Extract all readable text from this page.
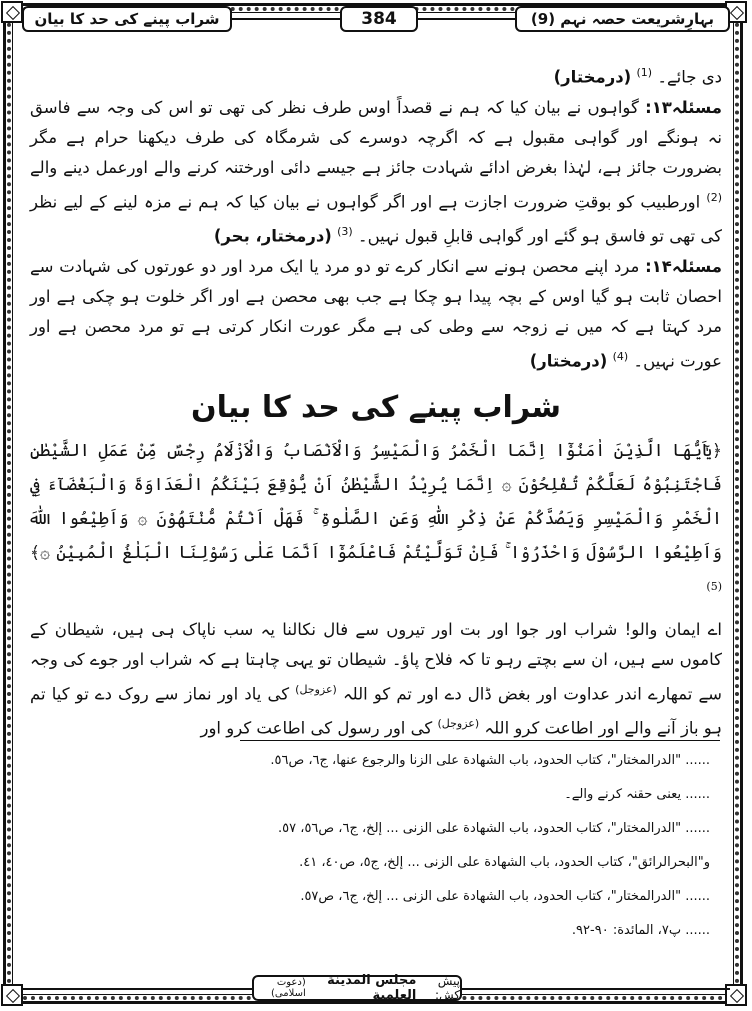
بہارِشریعت حصہ نہم (9)
384
شراب پینے کی حد کا بیان

دی جائے۔ $^{(1)}$ (درمختار)

مسئلہ۱۳: گواہوں نے بیان کیا کہ ہم نے قصداً اوس طرف نظر کی تھی تو اس کی وجہ سے فاسق نہ ہونگے اور گواہی مقبول ہے کہ اگرچہ دوسرے کی شرمگاہ کی طرف دیکھنا حرام ہے مگر بضرورت جائز ہے، لہٰذا بغرض ادائے شہادت جائز ہے جیسے دائی اورختنہ کرنے والے اورعمل دینے والے $^{(2)}$ اورطبیب کو بوقتِ ضرورت اجازت ہے اور اگر گواہوں نے بیان کیا کہ ہم نے مزہ لینے کے لیے نظر کی تھی تو فاسق ہو گئے اور گواہی قابلِ قبول نہیں۔ $^{(3)}$ (درمختار، بحر)

مسئلہ۱۴: مرد اپنے محصن ہونے سے انکار کرے تو دو مرد یا ایک مرد اور دو عورتوں کی شہادت سے احصان ثابت ہو گیا اوس کے بچہ پیدا ہو چکا ہے جب بھی محصن ہے اور اگر خلوت ہو چکی ہے اور مرد کہتا ہے کہ میں نے زوجہ سے وطی کی ہے مگر عورت انکار کرتی ہے تو مرد محصن ہے اور عورت نہیں۔ $^{(4)}$ (درمختار)

شراب پینے کی حد کا بیان

﴿يٰٓاَيُّهَا الَّذِيْنَ اٰمَنُوْٓا اِنَّمَا الْخَمْرُ وَالْمَيْسِرُ وَالْاَنْصَابُ وَالْاَزْلَامُ رِجْسٌ مِّنْ عَمَلِ الشَّيْطٰنِ فَاجْتَنِبُوْهُ لَعَلَّكُمْ تُفْلِحُوْنَ ۞ اِنَّمَا يُرِيْدُ الشَّيْطٰنُ اَنْ يُّوْقِعَ بَيْنَكُمُ الْعَدَاوَةَ وَالْبَغْضَآءَ فِي الْخَمْرِ وَالْمَيْسِرِ وَيَصُدَّكُمْ عَنْ ذِكْرِ اللّٰهِ وَعَنِ الصَّلٰوةِ ۚ فَهَلْ اَنْتُمْ مُّنْتَهُوْنَ ۞ وَاَطِيْعُوا اللّٰهَ وَاَطِيْعُوا الرَّسُوْلَ وَاحْذَرُوْا ۚ فَاِنْ تَوَلَّيْتُمْ فَاعْلَمُوْٓا اَنَّمَا عَلٰى رَسُوْلِنَا الْبَلٰغُ الْمُبِيْنُ ۞﴾ $^{(5)}$

اے ایمان والو! شراب اور جوا اور بت اور تیروں سے فال نکالنا یہ سب ناپاک ہی ہیں، شیطان کے کاموں سے ہیں، ان سے بچتے رہو تا کہ فلاح پاؤ۔ شیطان تو یہی چاہتا ہے کہ شراب اور جوے کی وجہ سے تمھارے اندر عداوت اور بغض ڈال دے اور تم کو اللہ $^{(عزوجل)}$ کی یاد اور نماز سے روک دے تو کیا تم ہو باز آنے والے اور اطاعت کرو اللہ $^{(عزوجل)}$ کی اور رسول کی اطاعت کرو اور

...... "الدرالمختار"، كتاب الحدود، باب الشهادة على الزنا والرجوع عنها، ج٦، ص٥٦.

...... یعنی حقنہ کرنے والے۔

...... "الدرالمختار"، كتاب الحدود، باب الشهادة على الزنى ... إلخ، ج٦، ص٥٦، ٥٧.

و"البحرالرائق"، كتاب الحدود، باب الشهادة على الزنى ... إلخ، ج٥، ص٤٠، ٤١.

...... "الدرالمختار"، كتاب الحدود، باب الشهادة على الزنى ... إلخ، ج٦، ص٥٧.

...... پ٧، المائدة: ٩٠-٩٢.

پیش کش:
مجلس المدينة العلمية
(دعوت اسلامی)
